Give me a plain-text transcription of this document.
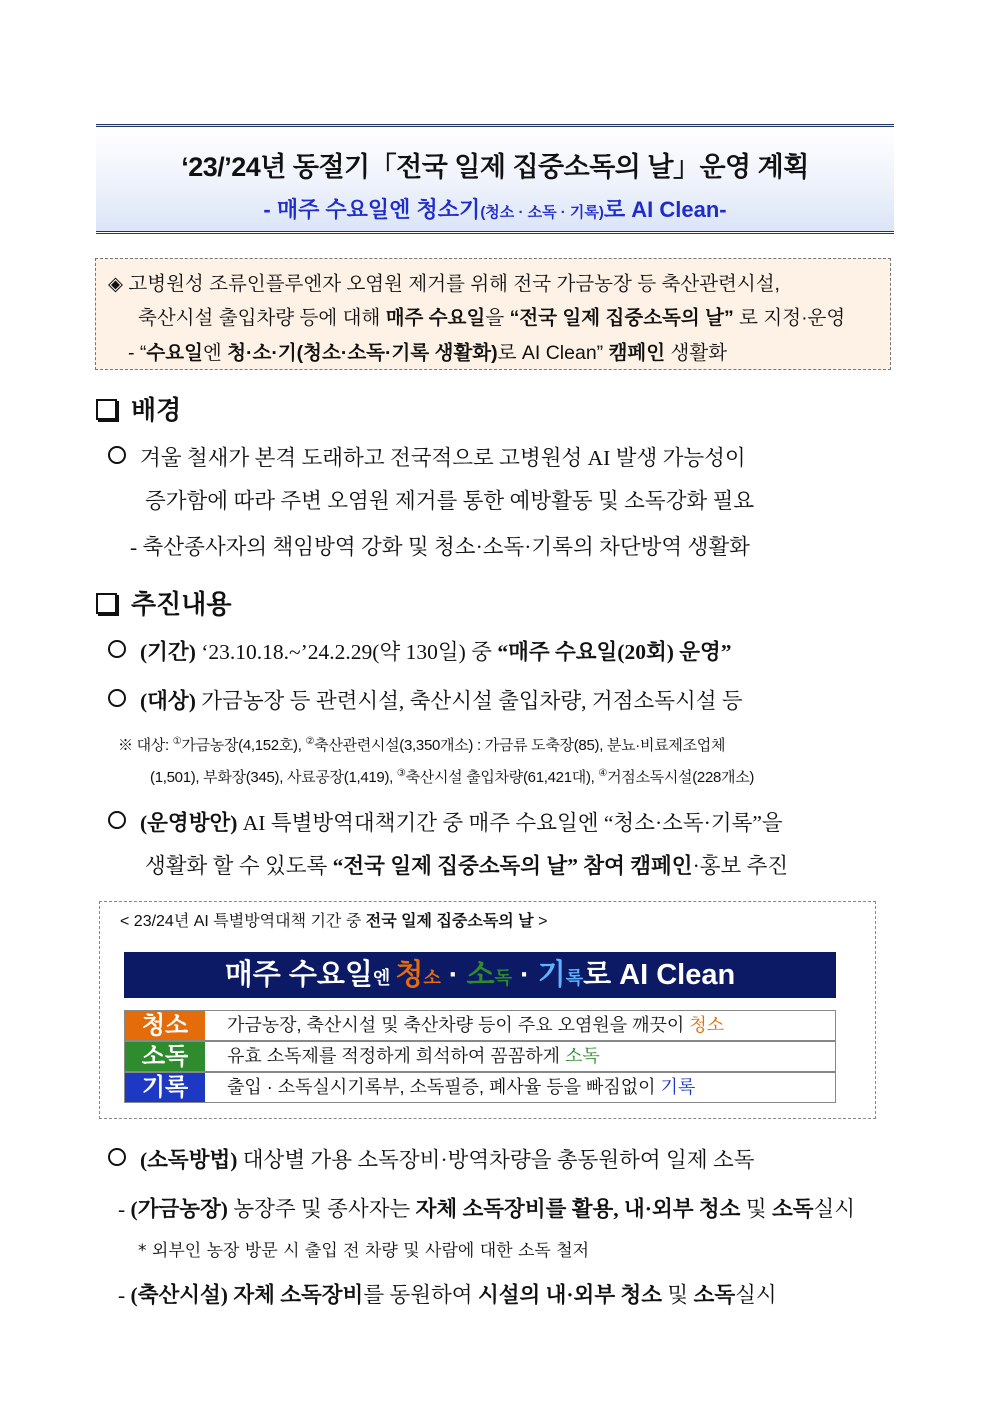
‘23/’24년 동절기「전국 일제 집중소독의 날」운영 계획
- 매주 수요일엔 청소기(청소 · 소독 · 기록)로 AI Clean-
◈ 고병원성 조류인플루엔자 오염원 제거를 위해 전국 가금농장 등 축산관련시설,
축산시설 출입차량 등에 대해 매주 수요일을 “전국 일제 집중소독의 날” 로 지정·운영
- “수요일엔 청·소·기(청소·소독·기록 생활화)로 AI Clean” 캠페인 생활화
배경
겨울 철새가 본격 도래하고 전국적으로 고병원성 AI 발생 가능성이
증가함에 따라 주변 오염원 제거를 통한 예방활동 및 소독강화 필요
- 축산종사자의 책임방역 강화 및 청소·소독·기록의 차단방역 생활화
추진내용
(기간) ‘23.10.18.~’24.2.29(약 130일) 중 “매주 수요일(20회) 운영”
(대상) 가금농장 등 관련시설, 축산시설 출입차량, 거점소독시설 등
※ 대상: ①가금농장(4,152호), ②축산관련시설(3,350개소) : 가금류 도축장(85), 분뇨·비료제조업체
(1,501), 부화장(345), 사료공장(1,419), ③축산시설 출입차량(61,421대), ④거점소독시설(228개소)
(운영방안) AI 특별방역대책기간 중 매주 수요일엔 “청소·소독·기록”을
생활화 할 수 있도록 “전국 일제 집중소독의 날” 참여 캠페인·홍보 추진
< 23/24년 AI 특별방역대책 기간 중 전국 일제 집중소독의 날 >
매주 수요일엔 청소 · 소독 · 기록로 AI Clean
청소	가금농장, 축산시설 및 축산차량 등이 주요 오염원을 깨끗이 청소
소독	유효 소독제를 적정하게 희석하여 꼼꼼하게 소독
기록	출입 · 소독실시기록부, 소독필증, 폐사율 등을 빠짐없이 기록
(소독방법) 대상별 가용 소독장비·방역차량을 총동원하여 일제 소독
- (가금농장) 농장주 및 종사자는 자체 소독장비를 활용, 내·외부 청소 및 소독실시
* 외부인 농장 방문 시 출입 전 차량 및 사람에 대한 소독 철저
- (축산시설) 자체 소독장비를 동원하여 시설의 내·외부 청소 및 소독실시
